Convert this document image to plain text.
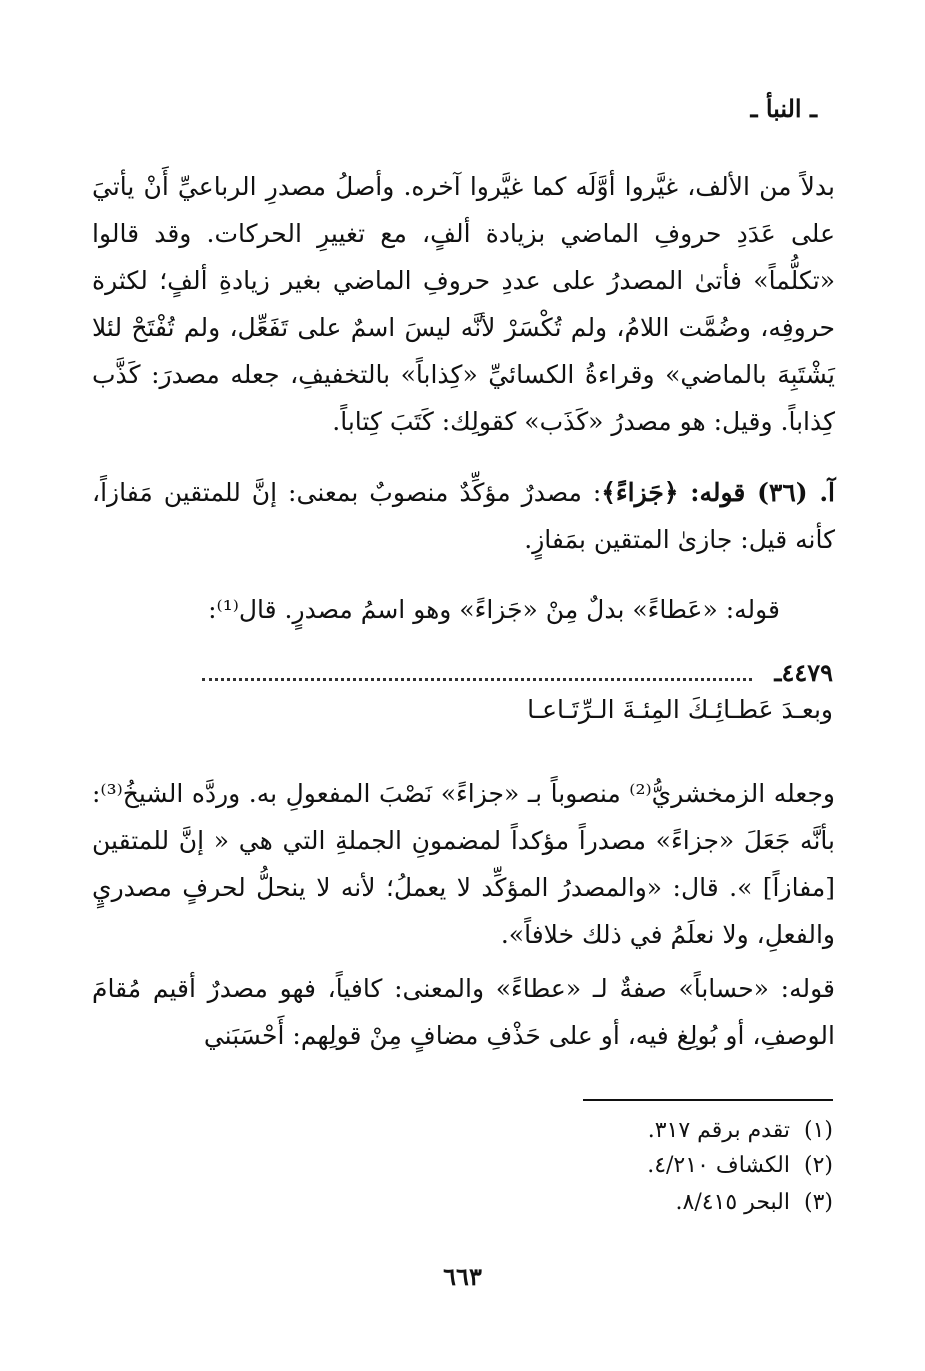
ـ النبأ ـ
بدلاً من الألف، غيَّروا أوَّلَه كما غيَّروا آخره. وأصلُ مصدرِ الرباعيِّ أَنْ يأتيَ على عَدَدِ حروفِ الماضي بزيادة ألفٍ، مع تغييرِ الحركات. وقد قالوا «تكلُّماً» فأتىٰ المصدرُ على عددِ حروفِ الماضي بغير زيادةِ ألفٍ؛ لكثرة حروفِه، وضُمَّت اللامُ، ولم تُكْسَرْ لأنَّه ليسَ اسمٌ على تَفَعِّل، ولم تُفْتَحْ لئلا يَشْتَبِهَ بالماضي» وقراءةُ الكسائيِّ «كِذاباً» بالتخفيفِ، جعله مصدرَ: كَذَّب كِذاباً. وقيل: هو مصدرُ «كَذَب» كقولِك: كَتَبَ كِتاباً.
آ. (٣٦) قوله: ﴿جَزاءً﴾: مصدرٌ مؤكِّدٌ منصوبٌ بمعنى: إنَّ للمتقين مَفازاً، كأنه قيل: جازىٰ المتقين بمَفازٍ.
قوله: «عَطاءً» بدلٌ مِنْ «جَزاءً» وهو اسمُ مصدرٍ. قال⁽¹⁾:
٤٤٧٩ـ
وبعـدَ عَطـائِـكَ المِئـةَ الـرِّتَـاعـا
وجعله الزمخشريُّ⁽²⁾ منصوباً بـ «جزاءً» نَصْبَ المفعولِ به. وردَّه الشيخُ⁽³⁾: بأنَّه جَعَلَ «جزاءً» مصدراً مؤكداً لمضمونِ الجملةِ التي هي « إنَّ للمتقين [مفازاً] ». قال: «والمصدرُ المؤكِّد لا يعملُ؛ لأنه لا ينحلُّ لحرفٍ مصدريٍ والفعلِ، ولا نعلَمُ في ذلك خلافاً».
قوله: «حساباً» صفةٌ لـ «عطاءً» والمعنى: كافياً، فهو مصدرٌ أقيم مُقامَ الوصفِ، أو بُولِغ فيه، أو على حَذْفِ مضافٍ مِنْ قولِهم: أَحْسَبَني
(١)
تقدم برقم ٣١٧.
(٢)
الكشاف ٤/٢١٠.
(٣)
البحر ٨/٤١٥.
٦٦٣
